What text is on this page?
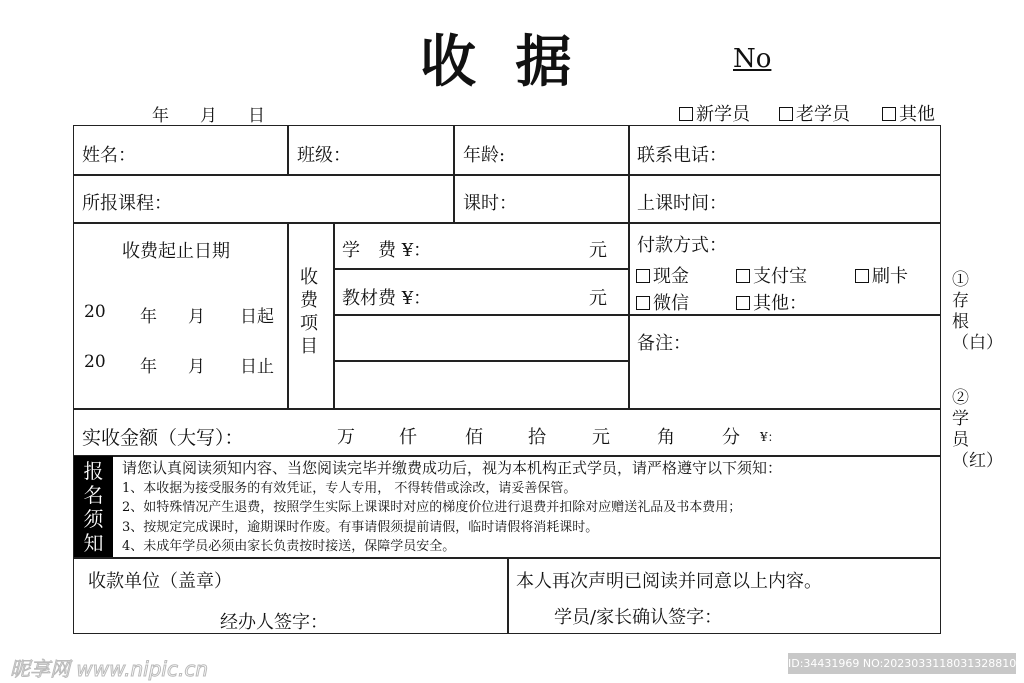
收 据	No
年 月 日	新学员	老学员	其他
姓名：	班级：	年龄:	联系电话：
所报课程：	课时：	上课时间：
收费起止日期
20 年 月 日起
20 年 月 日止
收费项目
学　费 ¥：	元
教材费 ¥：	元
付款方式：
现金	支付宝	刷卡
微信	其他：
备注：
实收金额（大写）：	万 仟	佰	拾	元	角	分 ¥：
报名须知
请您认真阅读须知内容、当您阅读完毕并缴费成功后，视为本机构正式学员，请严格遵守以下须知：
1、本收据为接受服务的有效凭证，专人专用， 不得转借或涂改，请妥善保管。
2、如特殊情况产生退费，按照学生实际上课课时对应的梯度价位进行退费并扣除对应赠送礼品及书本费用；
3、按规定完成课时，逾期课时作废。有事请假须提前请假，临时请假将消耗课时。
4、未成年学员必须由家长负责按时接送，保障学员安全。
收款单位（盖章）
经办人签字：
本人再次声明已阅读并同意以上内容。
学员/家长确认签字：
①存根（白）
②学员（红）
昵享网 www.nipic.cn	ID:34431969 NO:20230331180313288107
